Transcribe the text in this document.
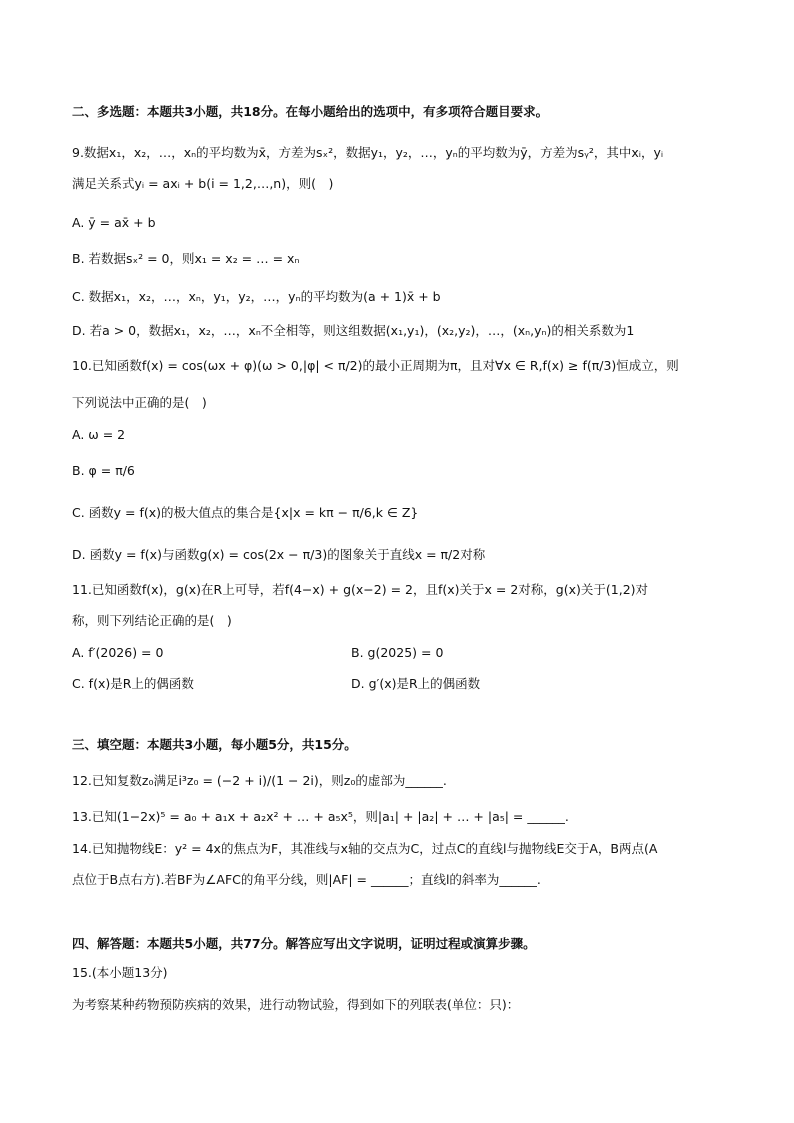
二、多选题：本题共3小题，共18分。在每小题给出的选项中，有多项符合题目要求。
9.数据x₁，x₂，…，xₙ的平均数为x̄，方差为sₓ²，数据y₁，y₂，…，yₙ的平均数为ȳ，方差为sᵧ²，其中xᵢ，yᵢ
满足关系式yᵢ = axᵢ + b(i = 1,2,…,n)，则(　)
A. ȳ = ax̄ + b
B. 若数据sₓ² = 0，则x₁ = x₂ = … = xₙ
C. 数据x₁，x₂，…，xₙ，y₁，y₂，…，yₙ的平均数为(a + 1)x̄ + b
D. 若a > 0，数据x₁，x₂，…，xₙ不全相等，则这组数据(x₁,y₁)，(x₂,y₂)，…，(xₙ,yₙ)的相关系数为1
10.已知函数f(x) = cos(ωx + φ)(ω > 0,|φ| < π/2)的最小正周期为π，且对∀x ∈ R,f(x) ≥ f(π/3)恒成立，则
下列说法中正确的是(　)
A. ω = 2
B. φ = π/6
C. 函数y = f(x)的极大值点的集合是{x|x = kπ − π/6,k ∈ Z}
D. 函数y = f(x)与函数g(x) = cos(2x − π/3)的图象关于直线x = π/2对称
11.已知函数f(x)，g(x)在R上可导，若f(4−x) + g(x−2) = 2，且f(x)关于x = 2对称，g(x)关于(1,2)对
称，则下列结论正确的是(　)
A. f′(2026) = 0	B. g(2025) = 0
C. f(x)是R上的偶函数	D. g′(x)是R上的偶函数
三、填空题：本题共3小题，每小题5分，共15分。
12.已知复数z₀满足i³z₀ = (−2 + i)/(1 − 2i)，则z₀的虚部为______.
13.已知(1−2x)⁵ = a₀ + a₁x + a₂x² + … + a₅x⁵，则|a₁| + |a₂| + … + |a₅| = ______.
14.已知抛物线E：y² = 4x的焦点为F，其准线与x轴的交点为C，过点C的直线l与抛物线E交于A，B两点(A
点位于B点右方).若BF为∠AFC的角平分线，则|AF| = ______；直线l的斜率为______.
四、解答题：本题共5小题，共77分。解答应写出文字说明，证明过程或演算步骤。
15.(本小题13分)
为考察某种药物预防疾病的效果，进行动物试验，得到如下的列联表(单位：只)：
